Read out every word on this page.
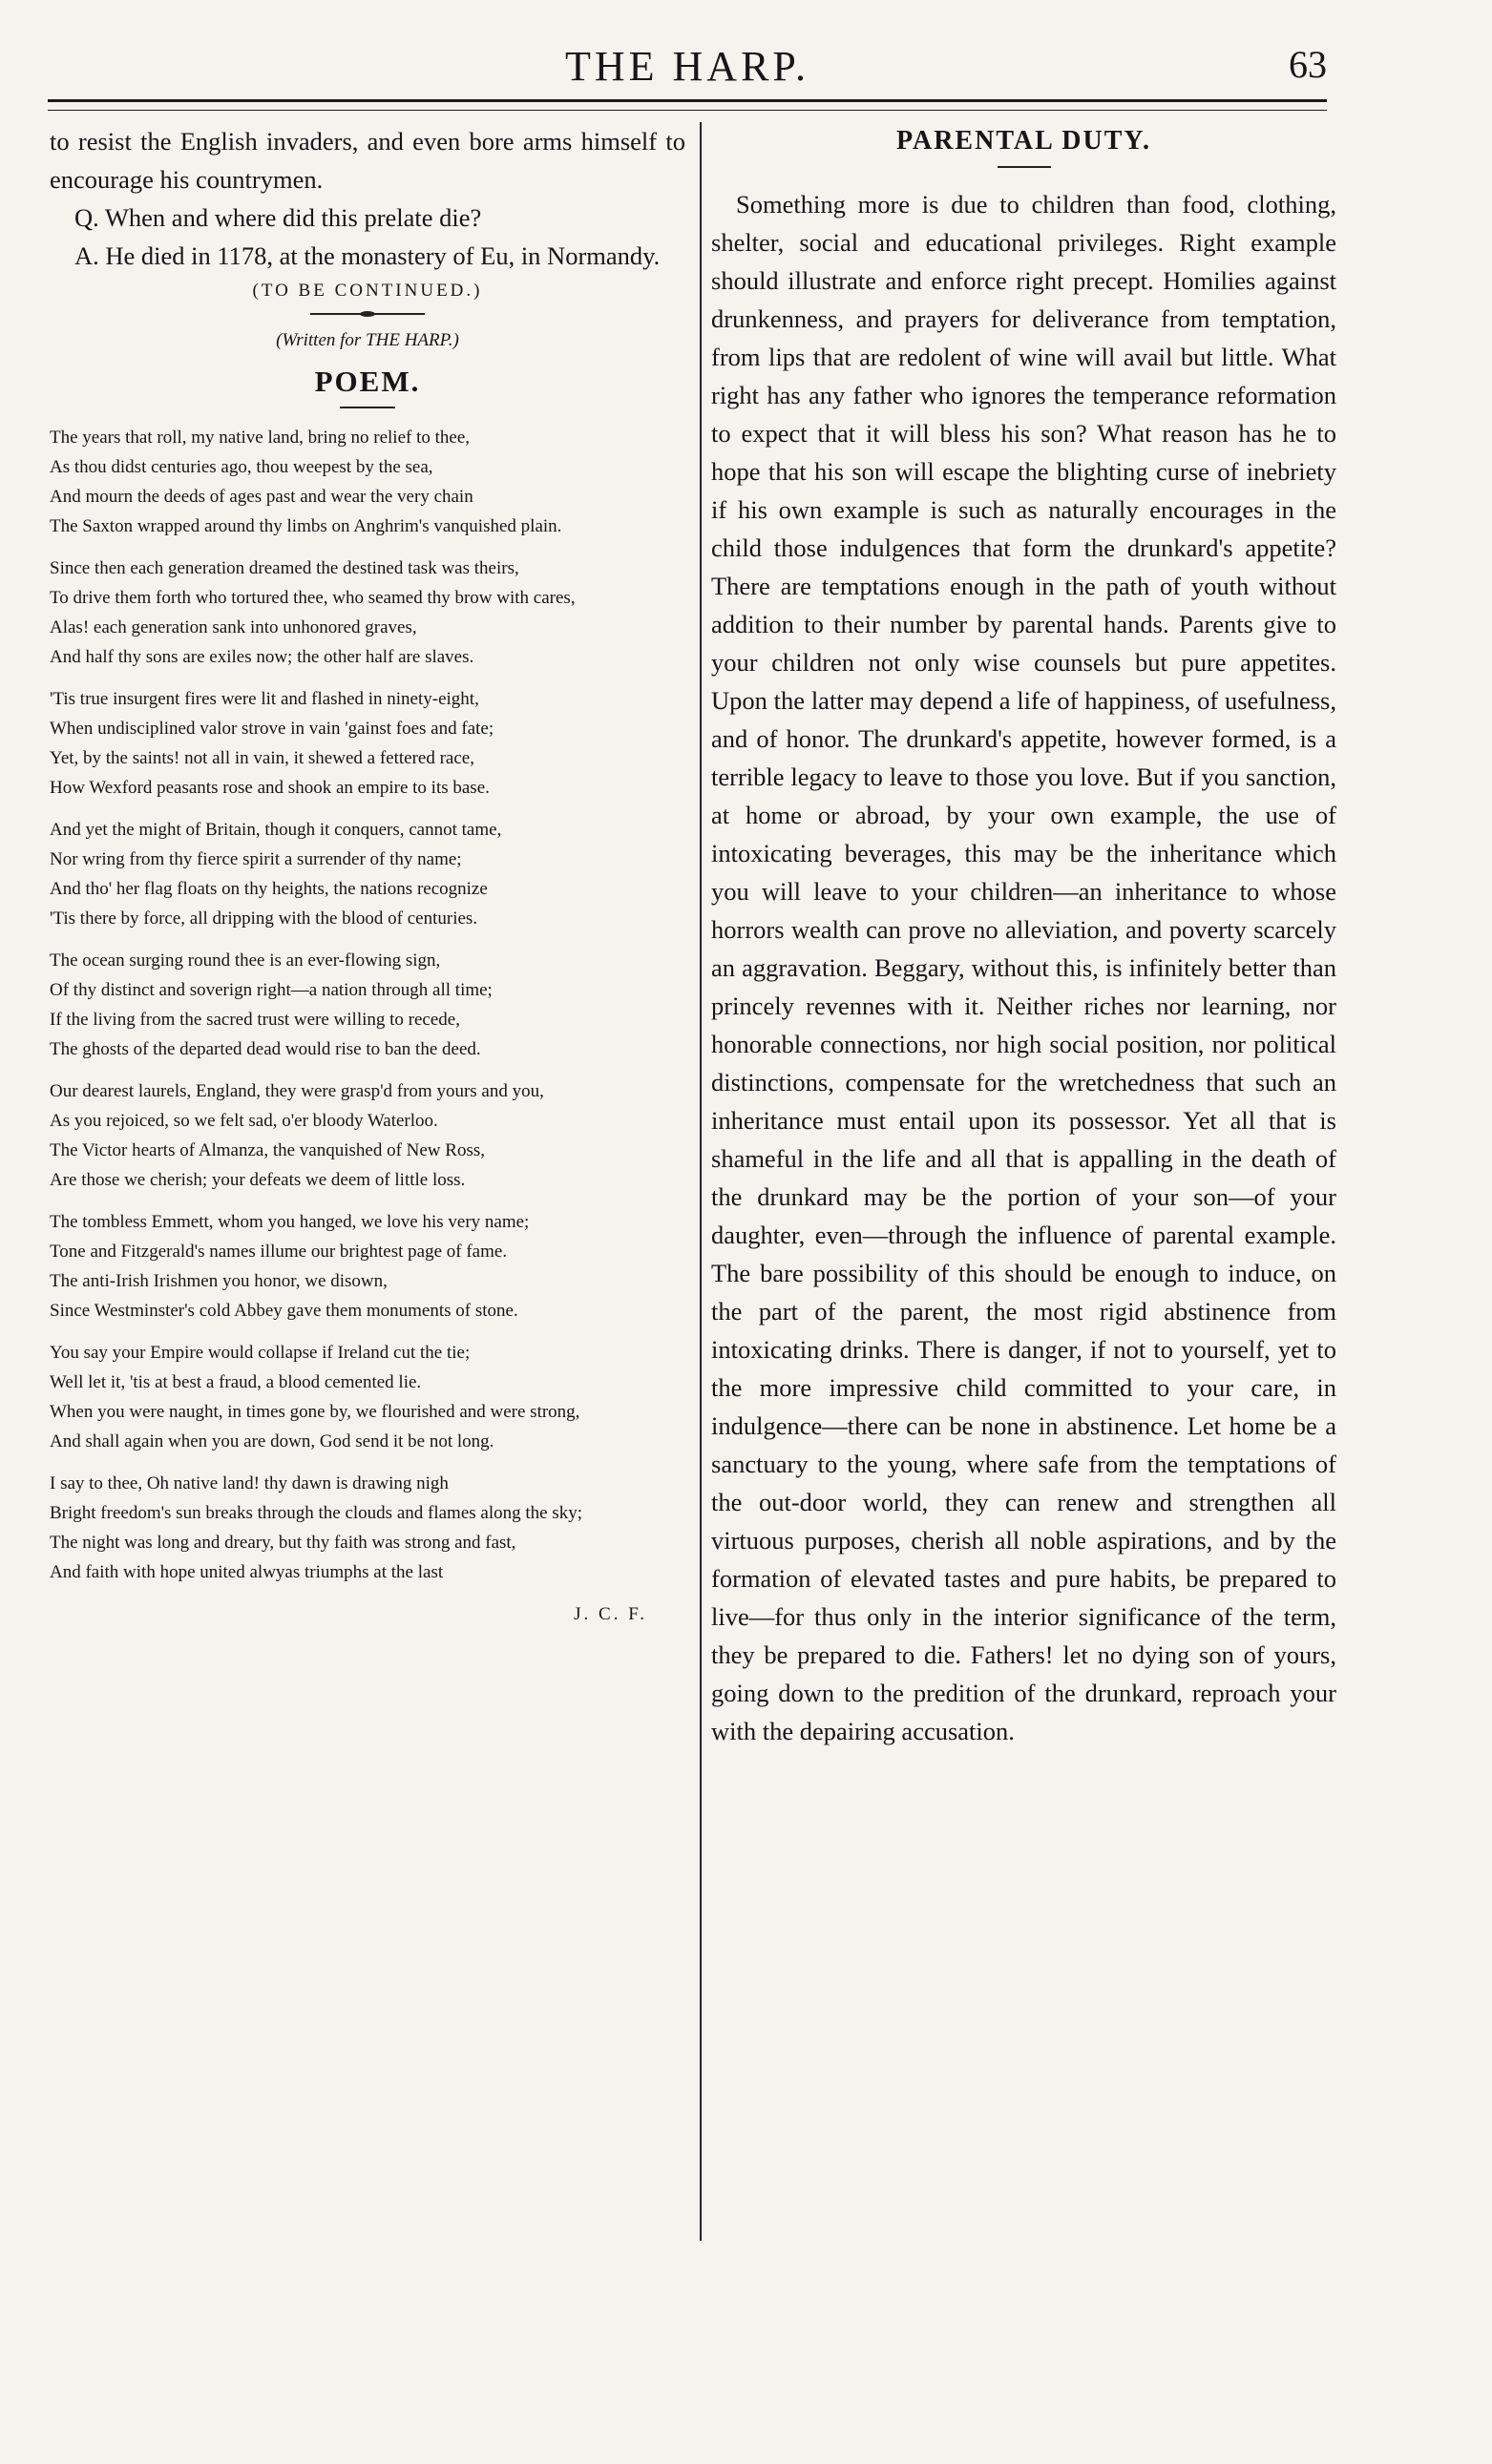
THE HARP.	63

to resist the English invaders, and even bore arms himself to encourage his countrymen.

Q. When and where did this prelate die?

A. He died in 1178, at the monastery of Eu, in Normandy.

(TO BE CONTINUED.)
(Written for THE HARP.)
POEM.
The years that roll, my native land, bring no relief to thee,
As thou didst centuries ago, thou weepest by the sea,
And mourn the deeds of ages past and wear the very chain
The Saxton wrapped around thy limbs on Anghrim's vanquished plain.
Since then each generation dreamed the destined task was theirs,
To drive them forth who tortured thee, who seamed thy brow with cares,
Alas! each generation sank into unhonored graves,
And half thy sons are exiles now; the other half are slaves.
'Tis true insurgent fires were lit and flashed in ninety-eight,
When undisciplined valor strove in vain 'gainst foes and fate;
Yet, by the saints! not all in vain, it shewed a fettered race,
How Wexford peasants rose and shook an empire to its base.
And yet the might of Britain, though it conquers, cannot tame,
Nor wring from thy fierce spirit a surrender of thy name;
And tho' her flag floats on thy heights, the nations recognize
'Tis there by force, all dripping with the blood of centuries.
The ocean surging round thee is an ever-flowing sign,
Of thy distinct and soverign right—a nation through all time;
If the living from the sacred trust were willing to recede,
The ghosts of the departed dead would rise to ban the deed.
Our dearest laurels, England, they were grasp'd from yours and you,
As you rejoiced, so we felt sad, o'er bloody Waterloo.
The Victor hearts of Almanza, the vanquished of New Ross,
Are those we cherish; your defeats we deem of little loss.
The tombless Emmett, whom you hanged, we love his very name;
Tone and Fitzgerald's names illume our brightest page of fame.
The anti-Irish Irishmen you honor, we disown,
Since Westminster's cold Abbey gave them monuments of stone.
You say your Empire would collapse if Ireland cut the tie;
Well let it, 'tis at best a fraud, a blood cemented lie.
When you were naught, in times gone by, we flourished and were strong,
And shall again when you are down, God send it be not long.
I say to thee, Oh native land! thy dawn is drawing nigh
Bright freedom's sun breaks through the clouds and flames along the sky;
The night was long and dreary, but thy faith was strong and fast,
And faith with hope united alwyas triumphs at the last
J. C. F.
PARENTAL DUTY.

Something more is due to children than food, clothing, shelter, social and educational privileges. Right example should illustrate and enforce right precept. Homilies against drunkenness, and prayers for deliverance from temptation, from lips that are redolent of wine will avail but little. What right has any father who ignores the temperance reformation to expect that it will bless his son? What reason has he to hope that his son will escape the blighting curse of inebriety if his own example is such as naturally encourages in the child those indulgences that form the drunkard's appetite? There are temptations enough in the path of youth without addition to their number by parental hands. Parents give to your children not only wise counsels but pure appetites. Upon the latter may depend a life of happiness, of usefulness, and of honor. The drunkard's appetite, however formed, is a terrible legacy to leave to those you love. But if you sanction, at home or abroad, by your own example, the use of intoxicating beverages, this may be the inheritance which you will leave to your children—an inheritance to whose horrors wealth can prove no alleviation, and poverty scarcely an aggravation. Beggary, without this, is infinitely better than princely revennes with it. Neither riches nor learning, nor honorable connections, nor high social position, nor political distinctions, compensate for the wretchedness that such an inheritance must entail upon its possessor. Yet all that is shameful in the life and all that is appalling in the death of the drunkard may be the portion of your son—of your daughter, even—through the influence of parental example. The bare possibility of this should be enough to induce, on the part of the parent, the most rigid abstinence from intoxicating drinks. There is danger, if not to yourself, yet to the more impressive child committed to your care, in indulgence—there can be none in abstinence. Let home be a sanctuary to the young, where safe from the temptations of the out-door world, they can renew and strengthen all virtuous purposes, cherish all noble aspirations, and by the formation of elevated tastes and pure habits, be prepared to live—for thus only in the interior significance of the term, they be prepared to die. Fathers! let no dying son of yours, going down to the predition of the drunkard, reproach your with the depairing accusation.
